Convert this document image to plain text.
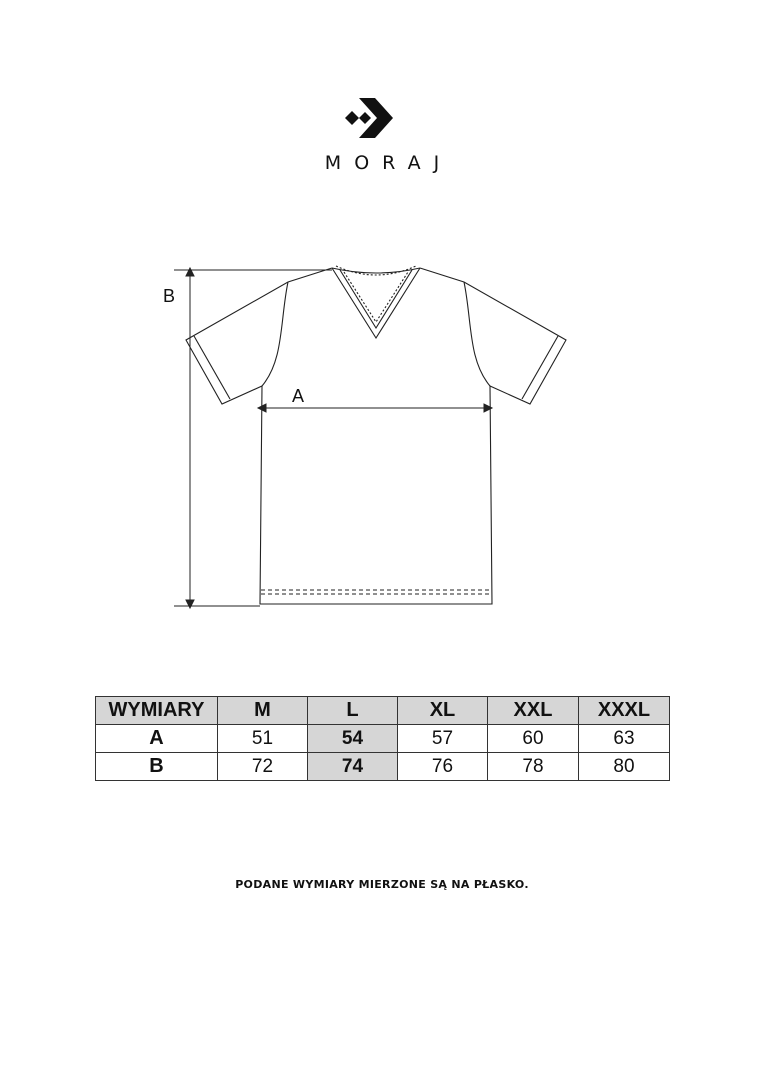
MORAJ
A
B
WYMIARY	M	L	XL	XXL	XXXL
A	51	54	57	60	63
B	72	74	76	78	80
PODANE WYMIARY MIERZONE SĄ NA PŁASKO.
